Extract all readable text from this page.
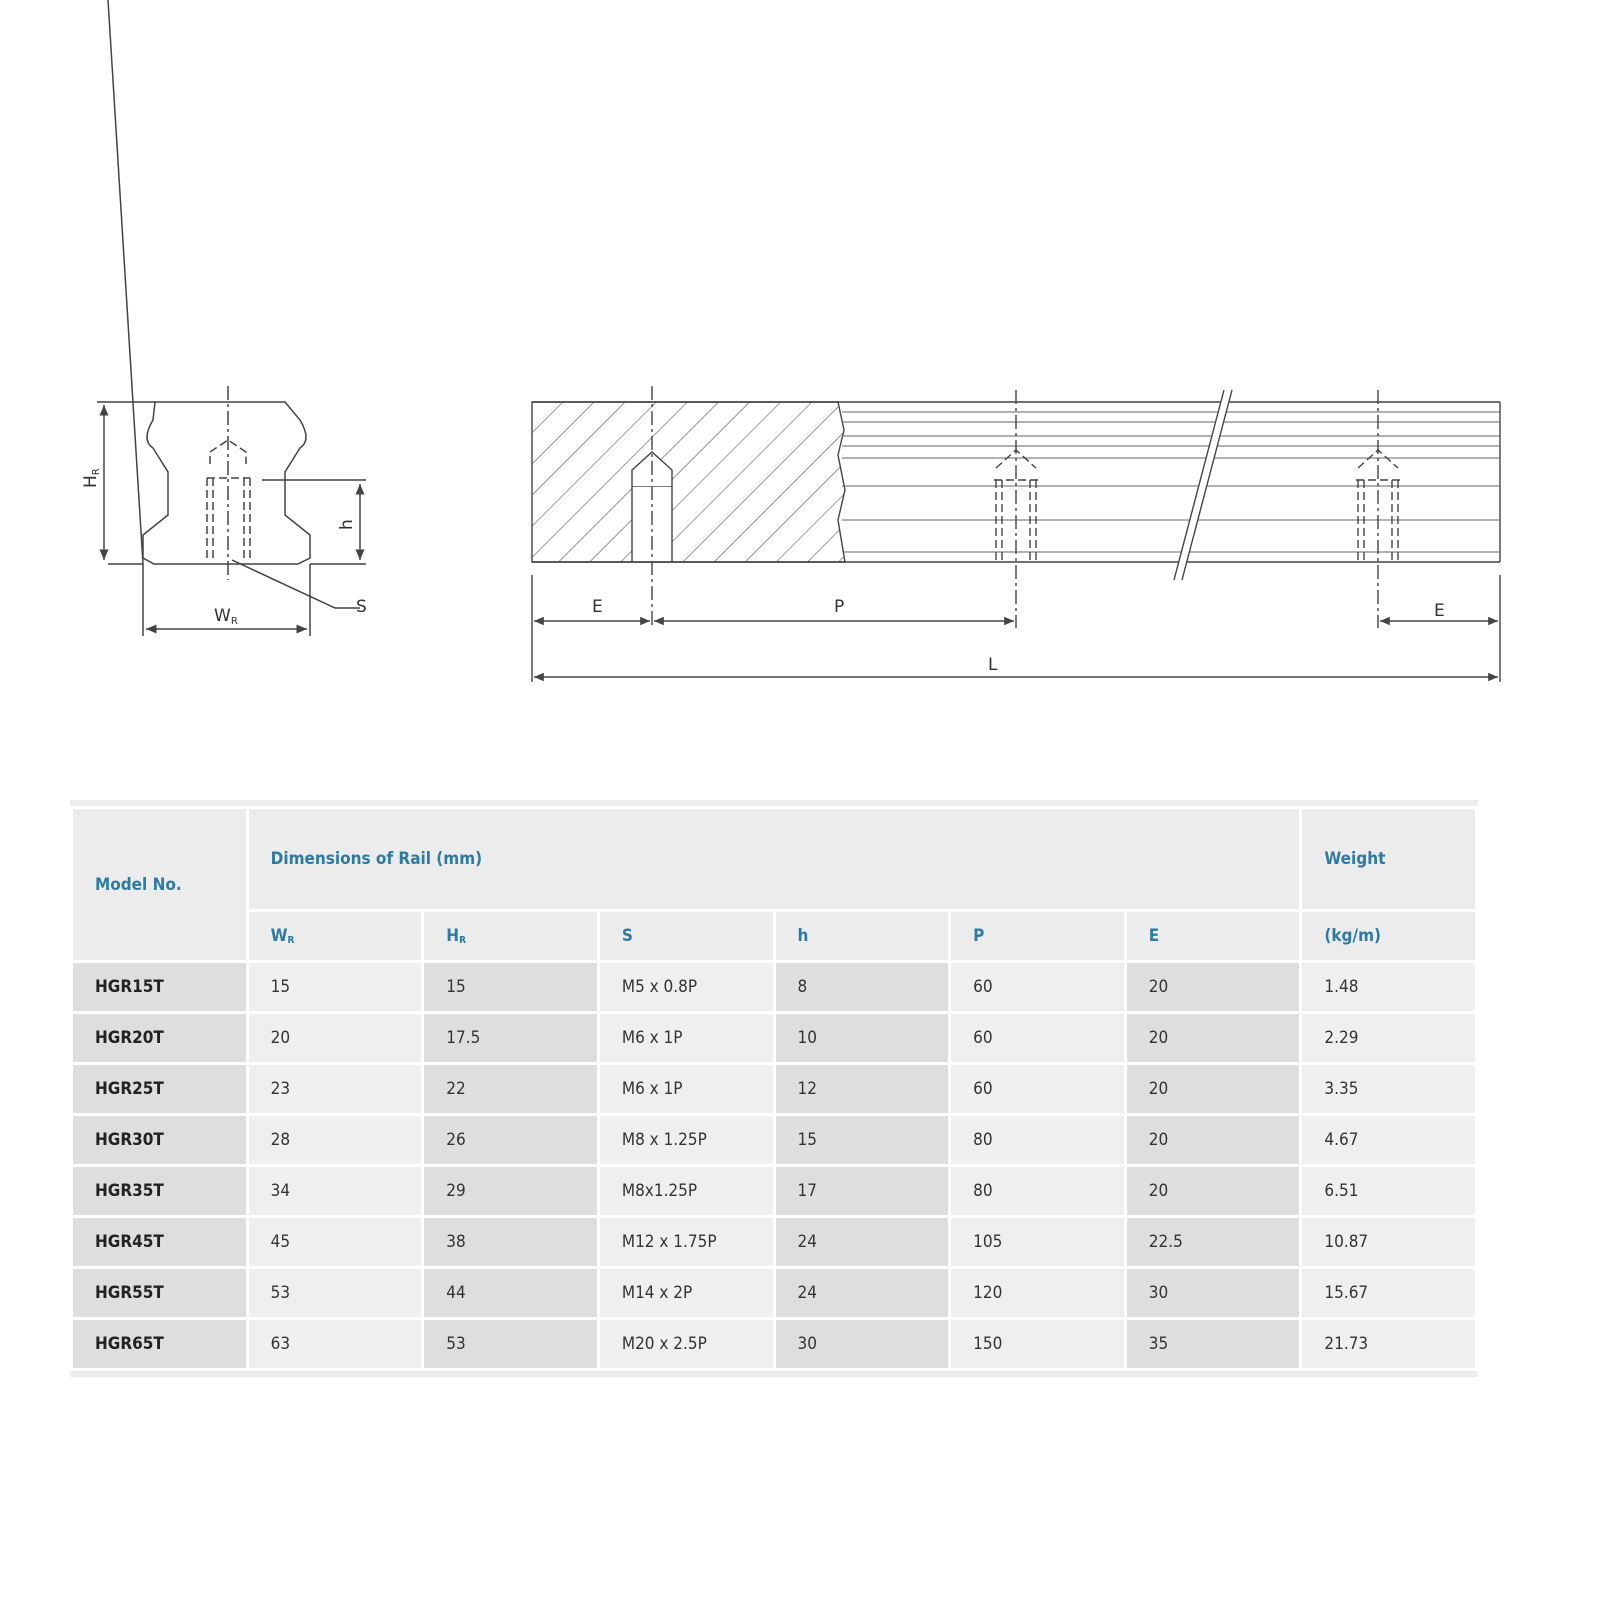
HR
h
S
WR
E	P	E
L
Model No.	Dimensions of Rail (mm)						Weight
	$W_R$	$H_R$	S	h	P	E	(kg/m)
HGR15T	15	15	M5 x 0.8P	8	60	20	1.48
HGR20T	20	17.5	M6 x 1P	10	60	20	2.29
HGR25T	23	22	M6 x 1P	12	60	20	3.35
HGR30T	28	26	M8 x 1.25P	15	80	20	4.67
HGR35T	34	29	M8x1.25P	17	80	20	6.51
HGR45T	45	38	M12 x 1.75P	24	105	22.5	10.87
HGR55T	53	44	M14 x 2P	24	120	30	15.67
HGR65T	63	53	M20 x 2.5P	30	150	35	21.73
